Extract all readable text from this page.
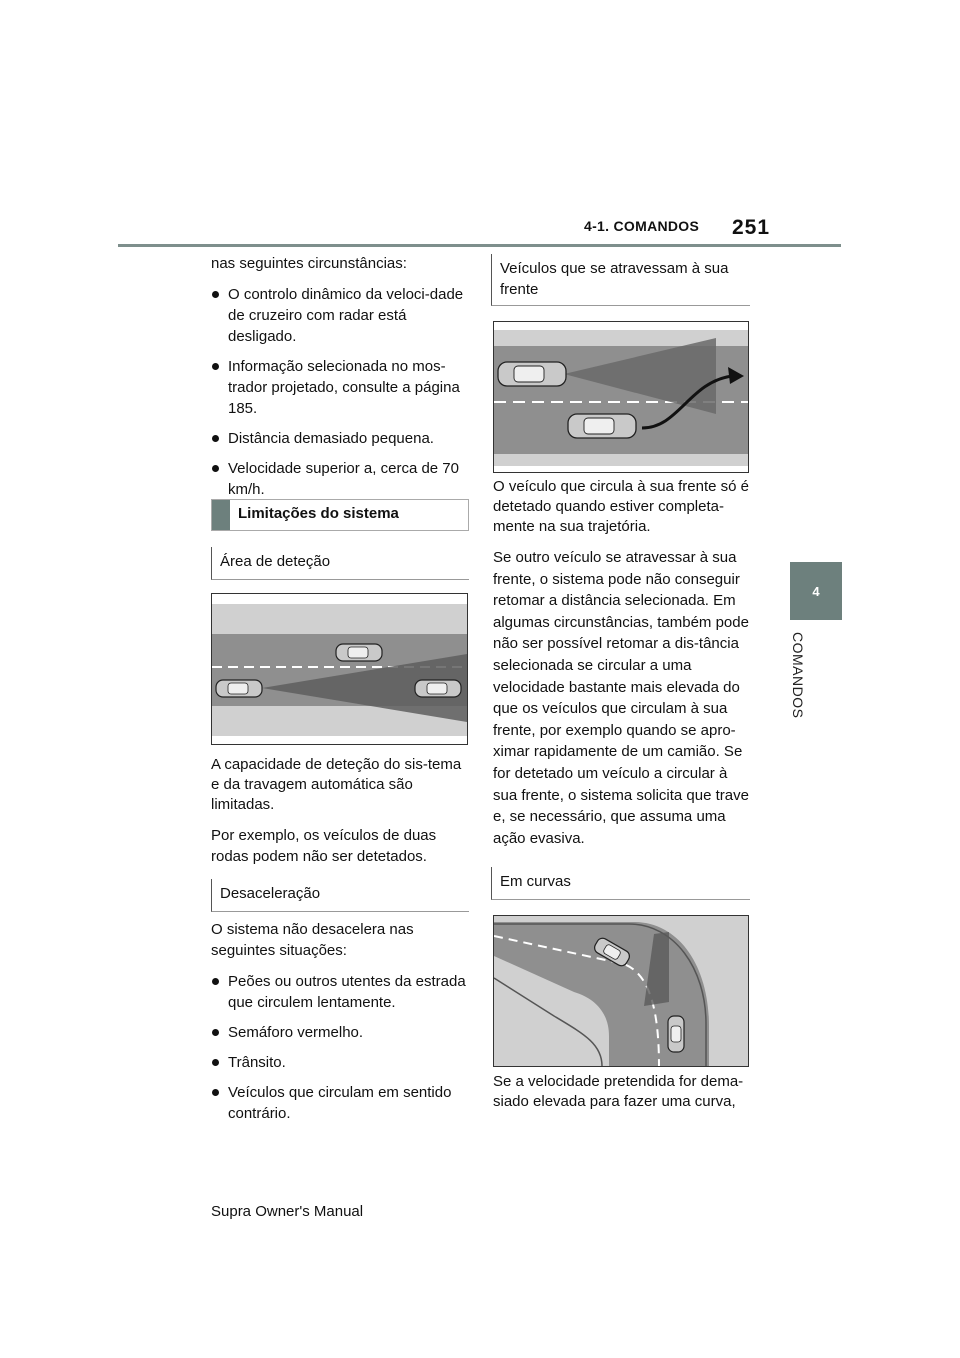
4-1. COMANDOS 251
4
COMANDOS

nas seguintes circunstâncias:

O controlo dinâmico da veloci-dade de cruzeiro com radar está desligado.
Informação selecionada no mos-trador projetado, consulte a página 185.
Distância demasiado pequena.
Velocidade superior a, cerca de 70 km/h.
Limitações do sistema
Área de deteção

A capacidade de deteção do sis-tema e da travagem automática são limitadas.

Por exemplo, os veículos de duas rodas podem não ser detetados.

Desaceleração

O sistema não desacelera nas seguintes situações:

Peões ou outros utentes da estrada que circulem lentamente.
Semáforo vermelho.
Trânsito.
Veículos que circulam em sentido contrário.
Veículos que se atravessam à sua frente

O veículo que circula à sua frente só é detetado quando estiver completa-mente na sua trajetória.

Se outro veículo se atravessar à sua frente, o sistema pode não conseguir retomar a distância selecionada. Em algumas circunstâncias, também pode não ser possível retomar a dis-tância selecionada se circular a uma velocidade bastante mais elevada do que os veículos que circulam à sua frente, por exemplo quando se apro-ximar rapidamente de um camião. Se for detetado um veículo a circular à sua frente, o sistema solicita que trave e, se necessário, que assuma uma ação evasiva.

Em curvas

Se a velocidade pretendida for dema-siado elevada para fazer uma curva,

Supra Owner's Manual
